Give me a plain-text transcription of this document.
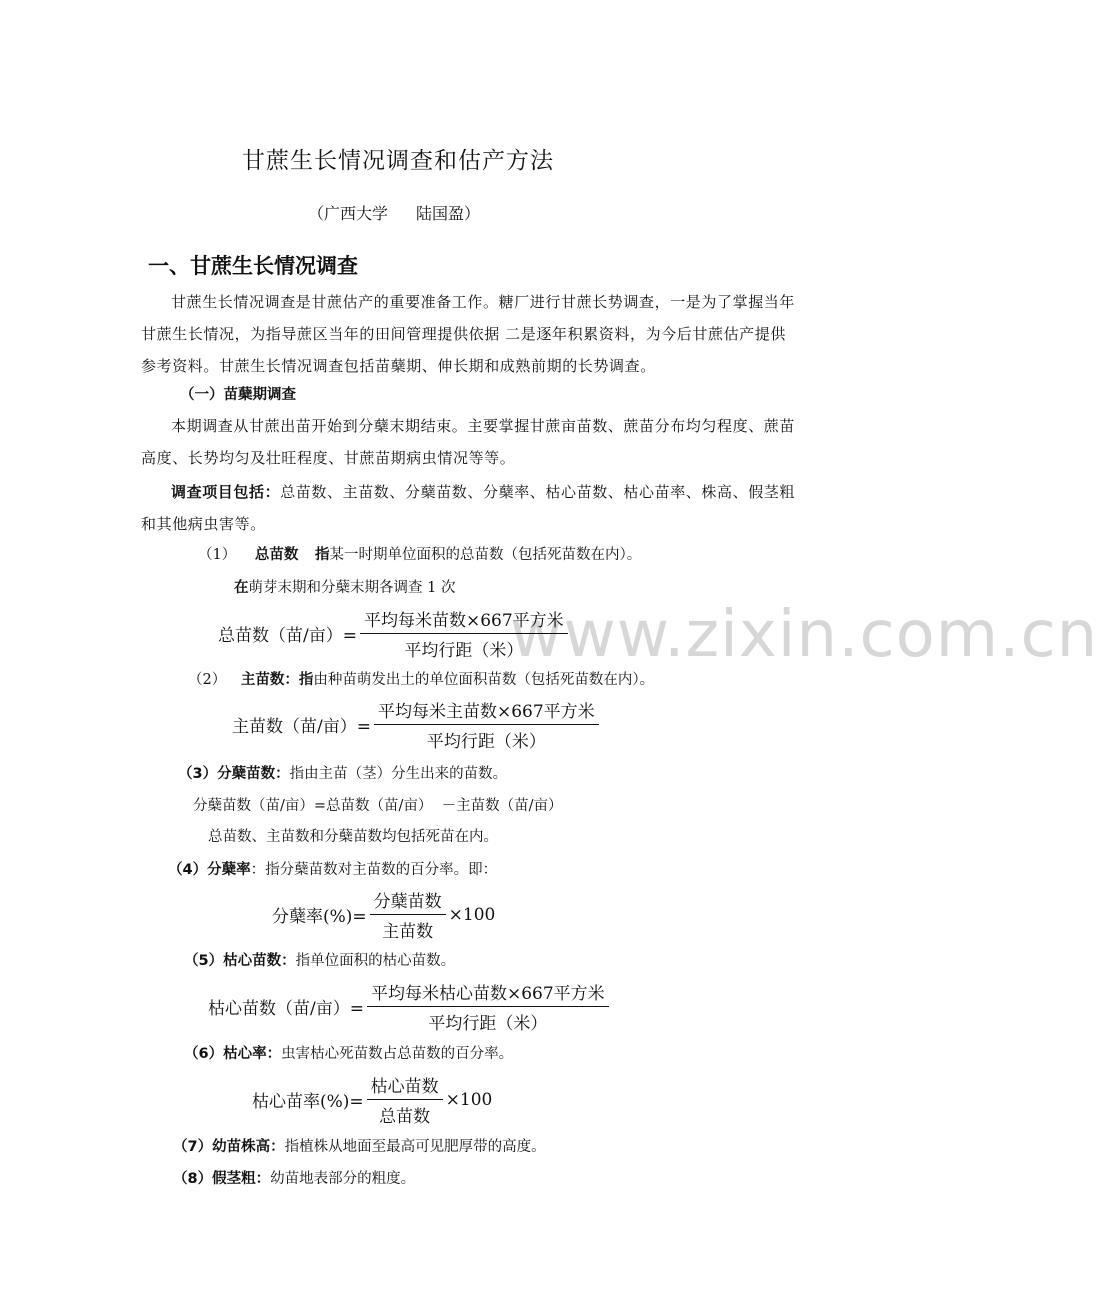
www.zixin.com.cn
甘蔗生长情况调查和估产方法
（广西大学 陆国盈）
一、甘蔗生长情况调查

甘蔗生长情况调查是甘蔗估产的重要准备工作。糖厂进行甘蔗长势调查，一是为了掌握当年甘蔗生长情况，为指导蔗区当年的田间管理提供依据 二是逐年积累资料，为今后甘蔗估产提供参考资料。甘蔗生长情况调查包括苗蘖期、伸长期和成熟前期的长势调查。

（一）苗蘖期调查

本期调查从甘蔗出苗开始到分蘖末期结束。主要掌握甘蔗亩苗数、蔗苗分布均匀程度、蔗苗高度、长势均匀及壮旺程度、甘蔗苗期病虫情况等等。

调查项目包括：总苗数、主苗数、分蘖苗数、分蘖率、枯心苗数、枯心苗率、株高、假茎粗和其他病虫害等。

（1） 总苗数 指某一时期单位面积的总苗数（包括死苗数在内）。
在萌芽末期和分蘖末期各调查 1 次
总苗数（苗/亩）= $\frac{\text{平均每米苗数×667平方米}}{\text{平均行距（米）}}$
（2） 主苗数：指由种苗萌发出土的单位面积苗数（包括死苗数在内）。
主苗数（苗/亩）= $\frac{\text{平均每米主苗数×667平方米}}{\text{平均行距（米）}}$
（3）分蘖苗数：指由主苗（茎）分生出来的苗数。
分蘖苗数（苗/亩）=总苗数（苗/亩）  －主苗数（苗/亩）
总苗数、主苗数和分蘖苗数均包括死苗在内。
（4）分蘖率：指分蘖苗数对主苗数的百分率。即：
分蘖率(%)= $\frac{\text{分蘖苗数}}{\text{主苗数}} \times 100$
（5）枯心苗数：指单位面积的枯心苗数。
枯心苗数（苗/亩）= $\frac{\text{平均每米枯心苗数×667平方米}}{\text{平均行距（米）}}$
（6）枯心率：虫害枯心死苗数占总苗数的百分率。
枯心苗率(%)= $\frac{\text{枯心苗数}}{\text{总苗数}} \times 100$
（7）幼苗株高：指植株从地面至最高可见肥厚带的高度。
（8）假茎粗：幼苗地表部分的粗度。
